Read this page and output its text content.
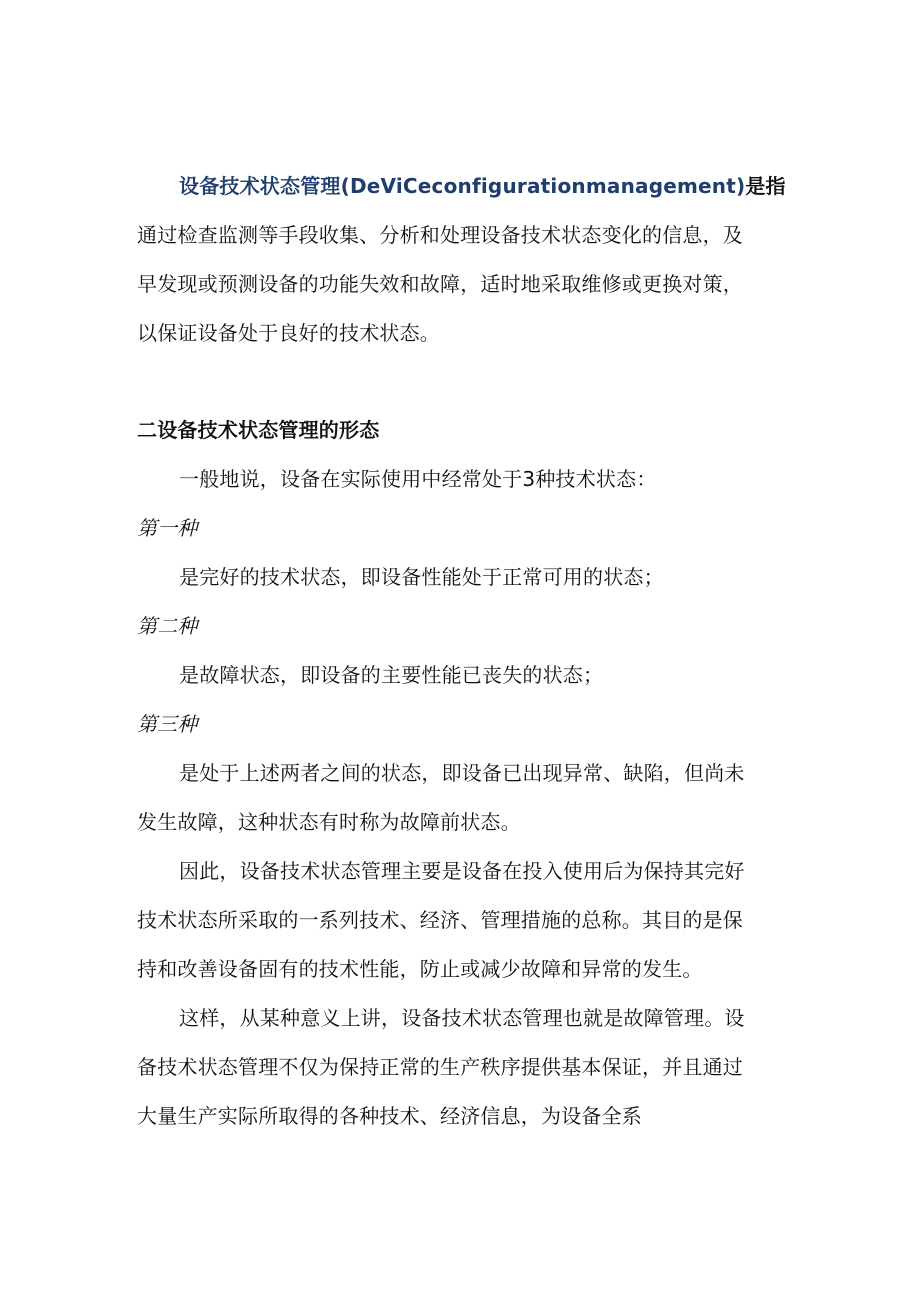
设备技术状态管理(DeViCeconfigurationmanagement)是指
通过检查监测等手段收集、分析和处理设备技术状态变化的信息，及
早发现或预测设备的功能失效和故障，适时地采取维修或更换对策，
以保证设备处于良好的技术状态。
二设备技术状态管理的形态
一般地说，设备在实际使用中经常处于3种技术状态：
第一种
是完好的技术状态，即设备性能处于正常可用的状态；
第二种
是故障状态，即设备的主要性能已丧失的状态；
第三种
是处于上述两者之间的状态，即设备已出现异常、缺陷，但尚未
发生故障，这种状态有时称为故障前状态。
因此，设备技术状态管理主要是设备在投入使用后为保持其完好
技术状态所采取的一系列技术、经济、管理措施的总称。其目的是保
持和改善设备固有的技术性能，防止或减少故障和异常的发生。
这样，从某种意义上讲，设备技术状态管理也就是故障管理。设
备技术状态管理不仅为保持正常的生产秩序提供基本保证，并且通过
大量生产实际所取得的各种技术、经济信息，为设备全系
